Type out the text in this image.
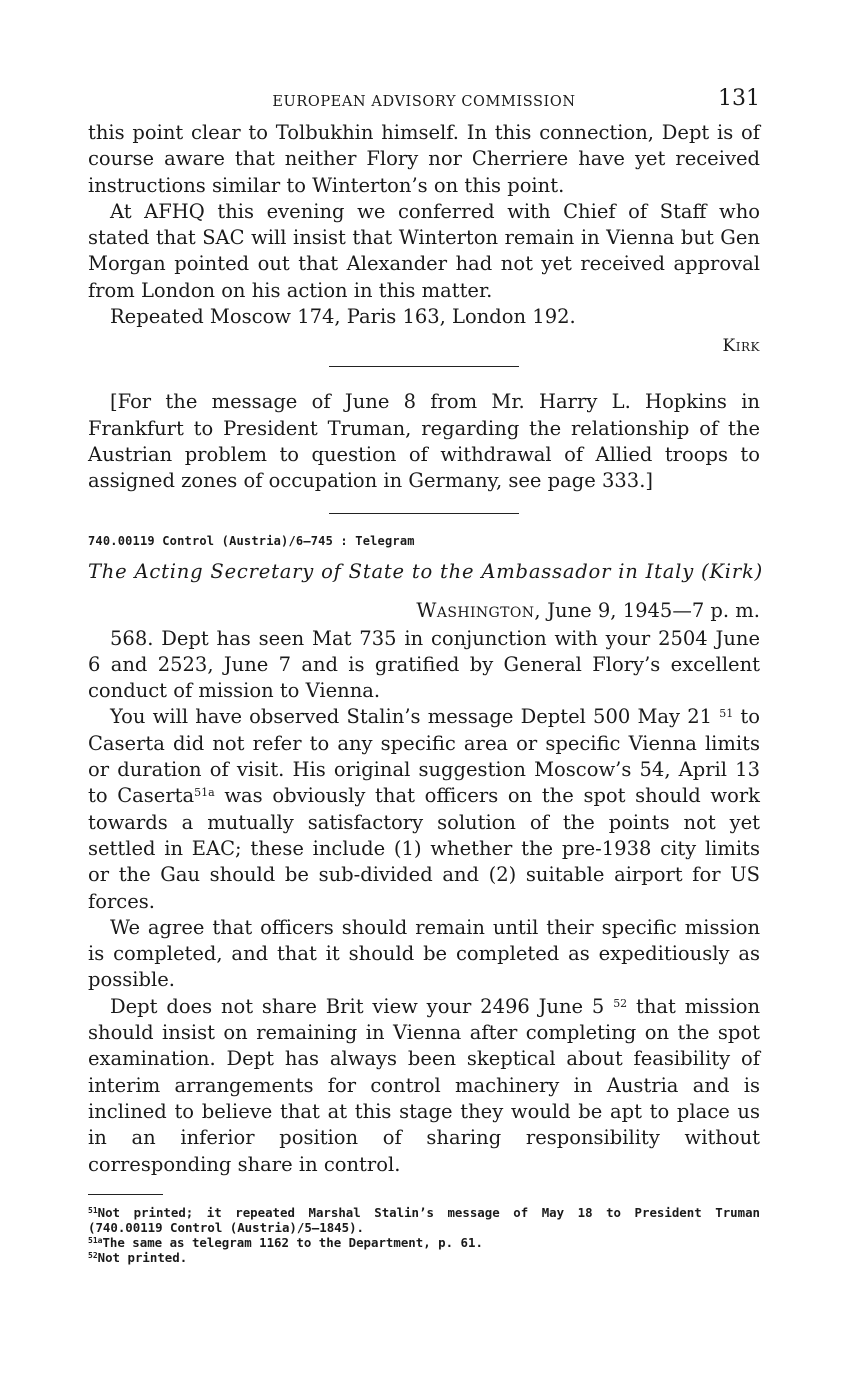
EUROPEAN ADVISORY COMMISSION	131

this point clear to Tolbukhin himself. In this connection, Dept is of course aware that neither Flory nor Cherriere have yet received instructions similar to Winterton’s on this point.

At AFHQ this evening we conferred with Chief of Staff who stated that SAC will insist that Winterton remain in Vienna but Gen Morgan pointed out that Alexander had not yet received approval from London on his action in this matter.

Repeated Moscow 174, Paris 163, London 192.

Kirk

[For the message of June 8 from Mr. Harry L. Hopkins in Frankfurt to President Truman, regarding the relationship of the Austrian problem to question of withdrawal of Allied troops to assigned zones of occupation in Germany, see page 333.]

740.00119 Control (Austria)/6–745 : Telegram
The Acting Secretary of State to the Ambassador in Italy (Kirk)
Washington, June 9, 1945—7 p. m.

568. Dept has seen Mat 735 in conjunction with your 2504 June 6 and 2523, June 7 and is gratified by General Flory’s excellent conduct of mission to Vienna.

You will have observed Stalin’s message Deptel 500 May 21 $^{51}$ to Caserta did not refer to any specific area or specific Vienna limits or duration of visit. His original suggestion Moscow’s 54, April 13 to Caserta$^{51a}$ was obviously that officers on the spot should work towards a mutually satisfactory solution of the points not yet settled in EAC; these include (1) whether the pre-1938 city limits or the Gau should be sub-divided and (2) suitable airport for US forces.

We agree that officers should remain until their specific mission is completed, and that it should be completed as expeditiously as possible.

Dept does not share Brit view your 2496 June 5 $^{52}$ that mission should insist on remaining in Vienna after completing on the spot examination. Dept has always been skeptical about feasibility of interim arrangements for control machinery in Austria and is inclined to believe that at this stage they would be apt to place us in an inferior position of sharing responsibility without corresponding share in control.

$^{51}$Not printed; it repeated Marshal Stalin’s message of May 18 to President Truman (740.00119 Control (Austria)/5–1845).
$^{51a}$The same as telegram 1162 to the Department, p. 61.
$^{52}$Not printed.
